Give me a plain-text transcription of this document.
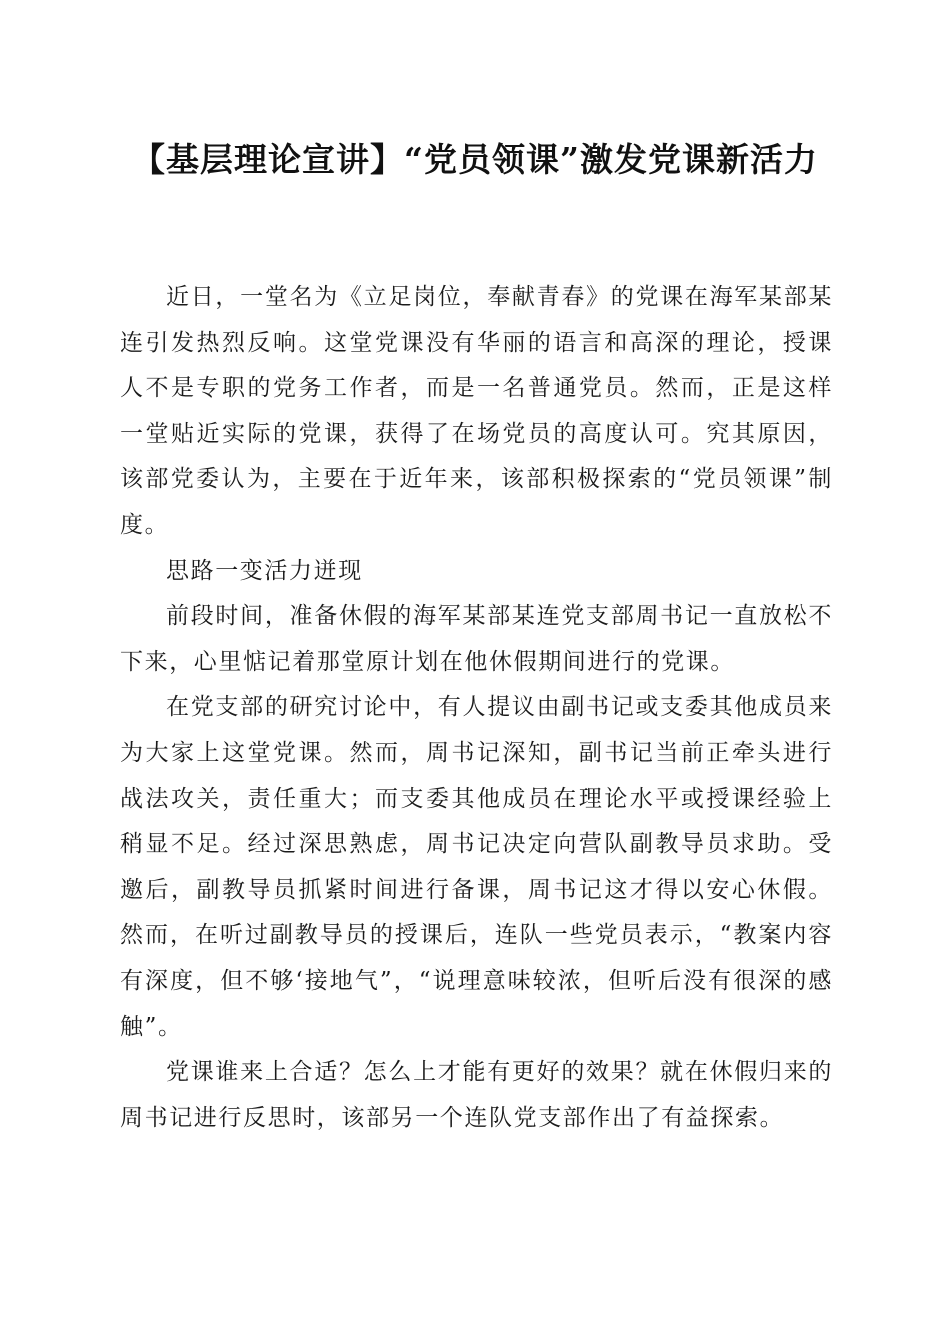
【基层理论宣讲】“党员领课”激发党课新活力

近日，一堂名为《立足岗位，奉献青春》的党课在海军某部某连引发热烈反响。这堂党课没有华丽的语言和高深的理论，授课人不是专职的党务工作者，而是一名普通党员。然而，正是这样一堂贴近实际的党课，获得了在场党员的高度认可。究其原因，该部党委认为，主要在于近年来，该部积极探索的“党员领课”制度。

思路一变活力迸现

前段时间，准备休假的海军某部某连党支部周书记一直放松不下来，心里惦记着那堂原计划在他休假期间进行的党课。

在党支部的研究讨论中，有人提议由副书记或支委其他成员来为大家上这堂党课。然而，周书记深知，副书记当前正牵头进行战法攻关，责任重大；而支委其他成员在理论水平或授课经验上稍显不足。经过深思熟虑，周书记决定向营队副教导员求助。受邀后，副教导员抓紧时间进行备课，周书记这才得以安心休假。然而，在听过副教导员的授课后，连队一些党员表示，“教案内容有深度，但不够‘接地气”，“说理意味较浓，但听后没有很深的感触”。

党课谁来上合适？怎么上才能有更好的效果？就在休假归来的周书记进行反思时，该部另一个连队党支部作出了有益探索。
